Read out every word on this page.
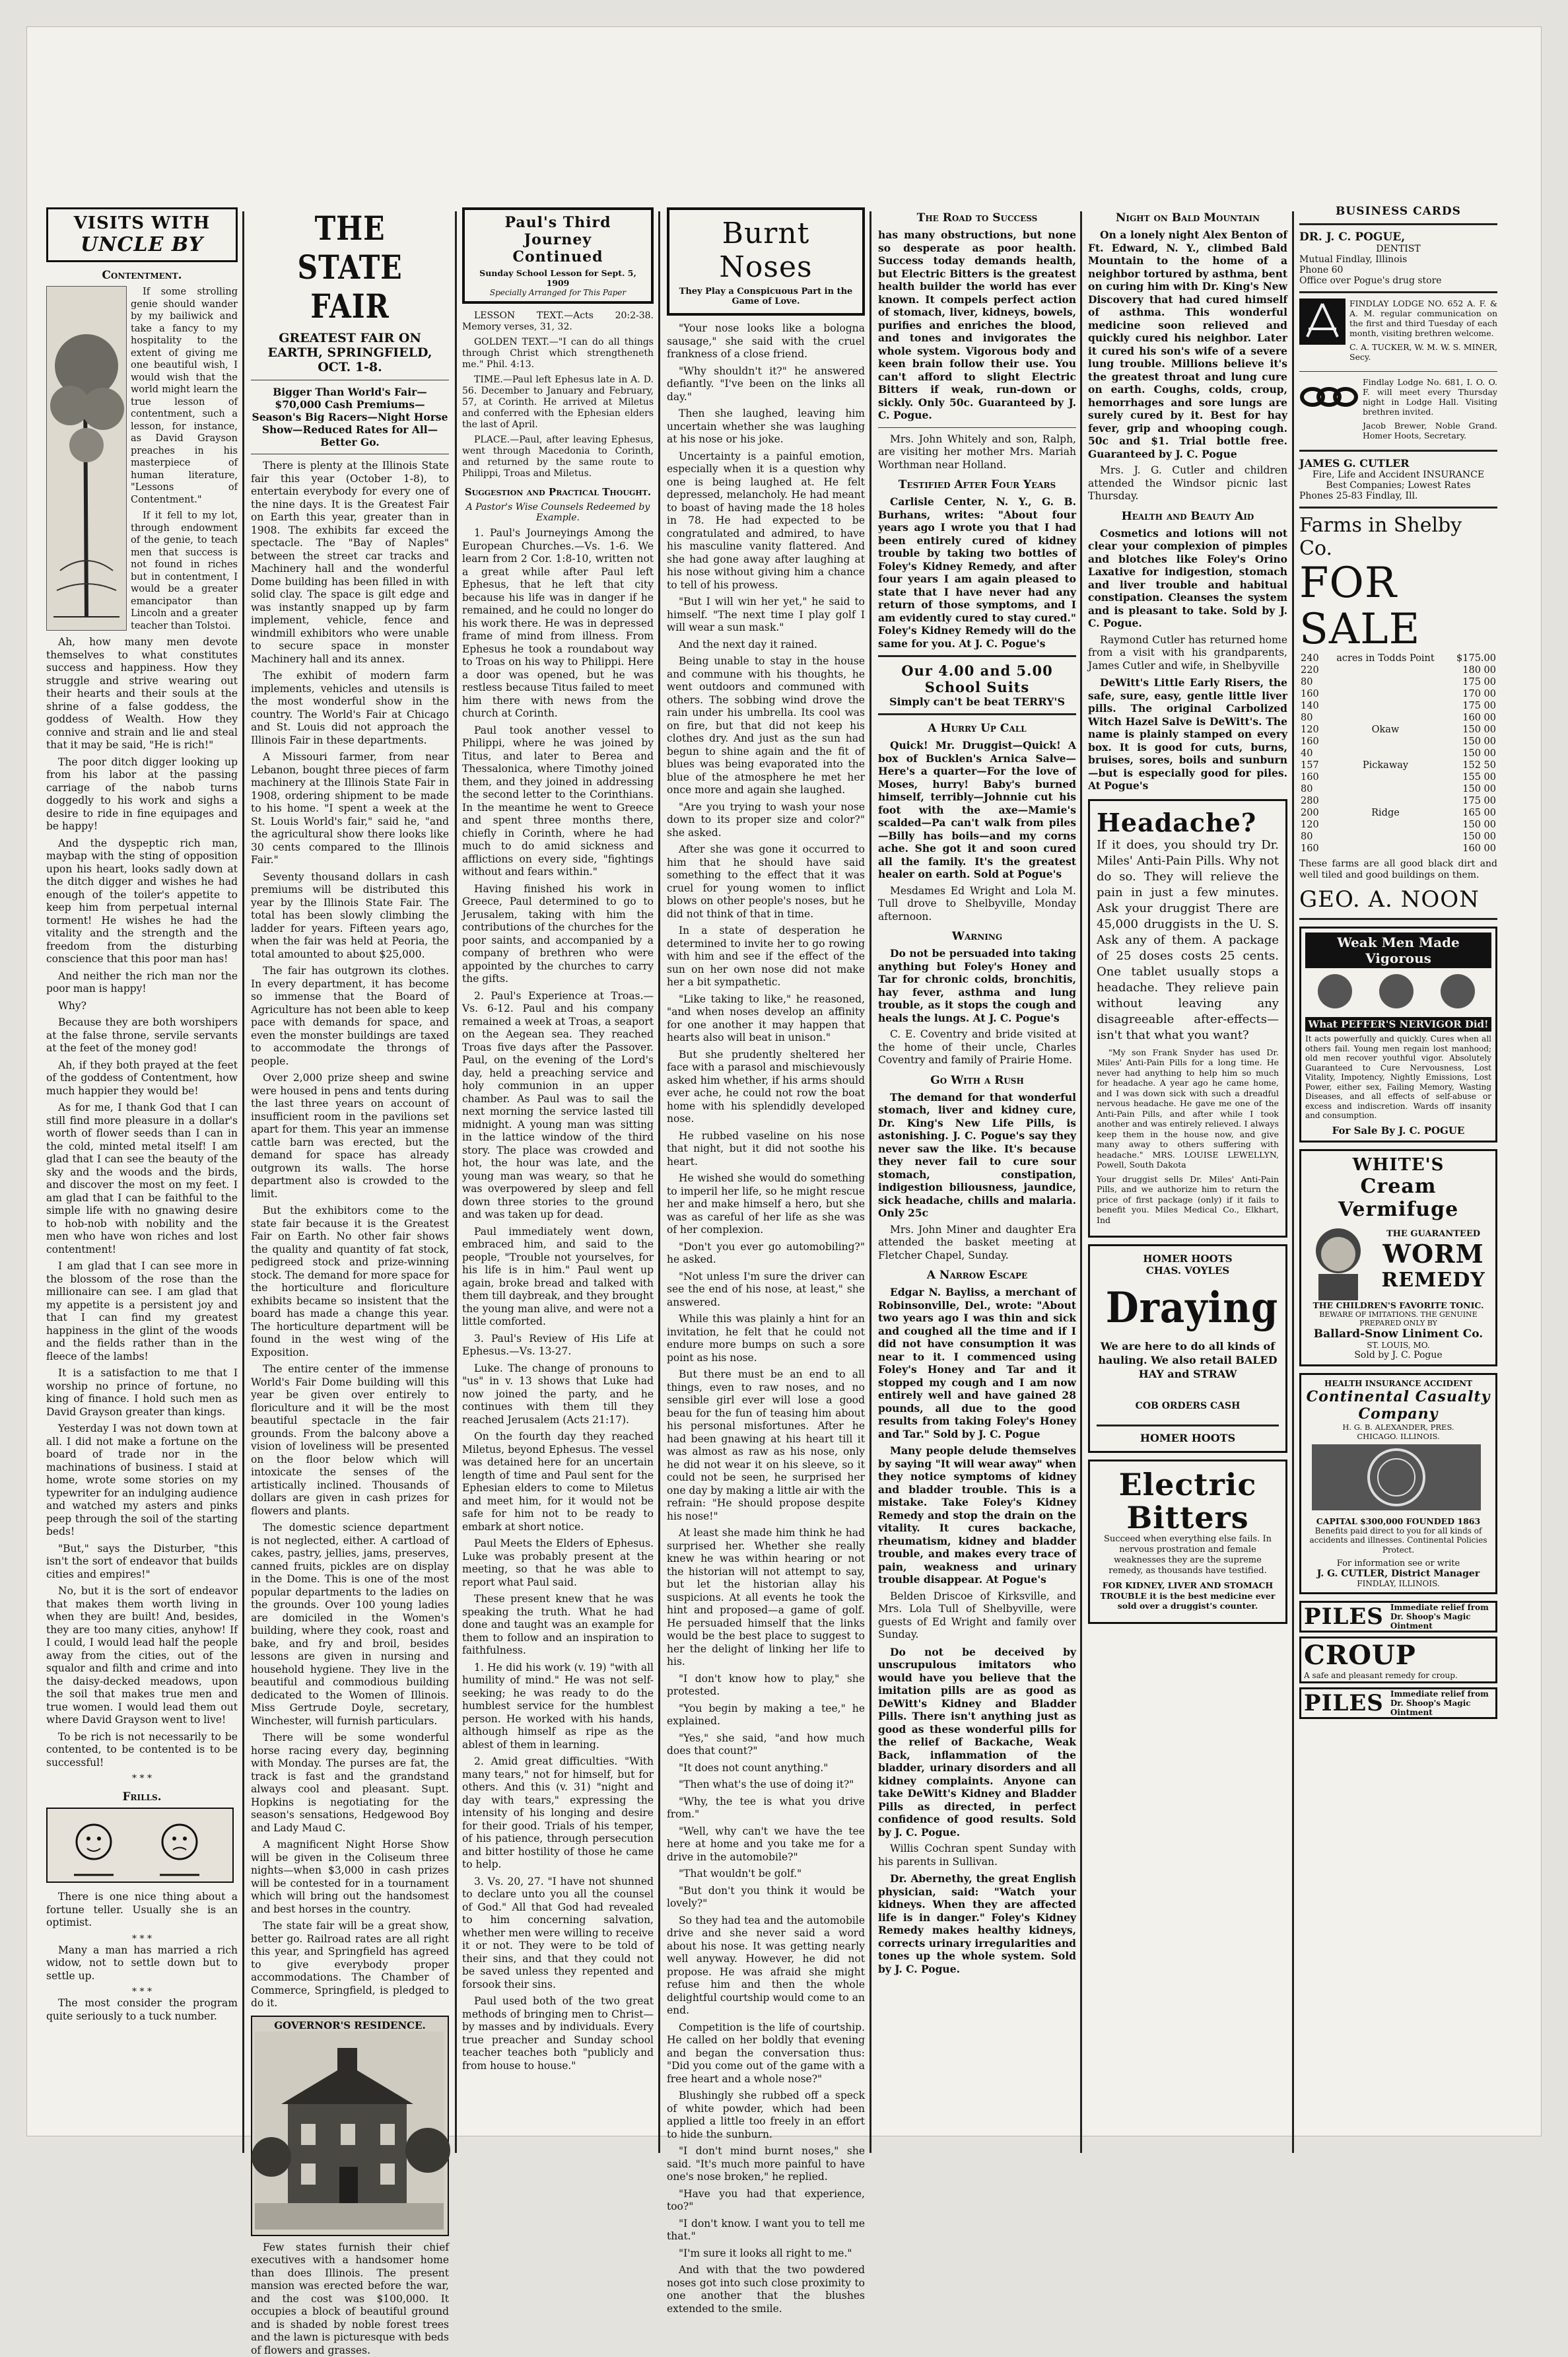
VISITS WITH
UNCLE BY
Contentment.

If some strolling genie should wander by my bailiwick and take a fancy to my hospitality to the extent of giving me one beautiful wish, I would wish that the world might learn the true lesson of contentment, such a lesson, for instance, as David Grayson preaches in his masterpiece of human literature, "Lessons of Contentment."

If it fell to my lot, through endowment of the genie, to teach men that success is not found in riches but in contentment, I would be a greater emancipator than Lincoln and a greater teacher than Tolstoi.

Ah, how many men devote themselves to what constitutes success and happiness. How they struggle and strive wearing out their hearts and their souls at the shrine of a false goddess, the goddess of Wealth. How they connive and strain and lie and steal that it may be said, "He is rich!"

The poor ditch digger looking up from his labor at the passing carriage of the nabob turns doggedly to his work and sighs a desire to ride in fine equipages and be happy!

And the dyspeptic rich man, maybap with the sting of opposition upon his heart, looks sadly down at the ditch digger and wishes he had enough of the toiler's appetite to keep him from perpetual internal torment! He wishes he had the vitality and the strength and the freedom from the disturbing conscience that this poor man has!

And neither the rich man nor the poor man is happy!

Why?

Because they are both worshipers at the false throne, servile servants at the feet of the money god!

Ah, if they both prayed at the feet of the goddess of Contentment, how much happier they would be!

As for me, I thank God that I can still find more pleasure in a dollar's worth of flower seeds than I can in the cold, minted metal itself! I am glad that I can see the beauty of the sky and the woods and the birds, and discover the most on my feet. I am glad that I can be faithful to the simple life with no gnawing desire to hob-nob with nobility and the men who have won riches and lost contentment!

I am glad that I can see more in the blossom of the rose than the millionaire can see. I am glad that my appetite is a persistent joy and that I can find my greatest happiness in the glint of the woods and the fields rather than in the fleece of the lambs!

It is a satisfaction to me that I worship no prince of fortune, no king of finance. I hold such men as David Grayson greater than kings.

Yesterday I was not down town at all. I did not make a fortune on the board of trade nor in the machinations of business. I staid at home, wrote some stories on my typewriter for an indulging audience and watched my asters and pinks peep through the soil of the starting beds!

"But," says the Disturber, "this isn't the sort of endeavor that builds cities and empires!"

No, but it is the sort of endeavor that makes them worth living in when they are built! And, besides, they are too many cities, anyhow! If I could, I would lead half the people away from the cities, out of the squalor and filth and crime and into the daisy-decked meadows, upon the soil that makes true men and true women. I would lead them out where David Grayson went to live!

To be rich is not necessarily to be contented, to be contented is to be successful!

* * *
Frills.

There is one nice thing about a fortune teller. Usually she is an optimist.

* * *

Many a man has married a rich widow, not to settle down but to settle up.

* * *

The most consider the program quite seriously to a tuck number.

THE STATE FAIR
GREATEST FAIR ON EARTH, SPRINGFIELD, OCT. 1-8.
Bigger Than World's Fair—$70,000 Cash Premiums—Season's Big Racers—Night Horse Show—Reduced Rates for All—Better Go.

There is plenty at the Illinois State fair this year (October 1-8), to entertain everybody for every one of the nine days. It is the Greatest Fair on Earth this year, greater than in 1908. The exhibits far exceed the spectacle. The "Bay of Naples" between the street car tracks and Machinery hall and the wonderful Dome building has been filled in with solid clay. The space is gilt edge and was instantly snapped up by farm implement, vehicle, fence and windmill exhibitors who were unable to secure space in monster Machinery hall and its annex.

The exhibit of modern farm implements, vehicles and utensils is the most wonderful show in the country. The World's Fair at Chicago and St. Louis did not approach the Illinois Fair in these departments.

A Missouri farmer, from near Lebanon, bought three pieces of farm machinery at the Illinois State Fair in 1908, ordering shipment to be made to his home. "I spent a week at the St. Louis World's fair," said he, "and the agricultural show there looks like 30 cents compared to the Illinois Fair."

Seventy thousand dollars in cash premiums will be distributed this year by the Illinois State Fair. The total has been slowly climbing the ladder for years. Fifteen years ago, when the fair was held at Peoria, the total amounted to about $25,000.

The fair has outgrown its clothes. In every department, it has become so immense that the Board of Agriculture has not been able to keep pace with demands for space, and even the monster buildings are taxed to accommodate the throngs of people.

Over 2,000 prize sheep and swine were housed in pens and tents during the last three years on account of insufficient room in the pavilions set apart for them. This year an immense cattle barn was erected, but the demand for space has already outgrown its walls. The horse department also is crowded to the limit.

But the exhibitors come to the state fair because it is the Greatest Fair on Earth. No other fair shows the quality and quantity of fat stock, pedigreed stock and prize-winning stock. The demand for more space for the horticulture and floriculture exhibits became so insistent that the board has made a change this year. The horticulture department will be found in the west wing of the Exposition.

The entire center of the immense World's Fair Dome building will this year be given over entirely to floriculture and it will be the most beautiful spectacle in the fair grounds. From the balcony above a vision of loveliness will be presented on the floor below which will intoxicate the senses of the artistically inclined. Thousands of dollars are given in cash prizes for flowers and plants.

The domestic science department is not neglected, either. A cartload of cakes, pastry, jellies, jams, preserves, canned fruits, pickles are on display in the Dome. This is one of the most popular departments to the ladies on the grounds. Over 100 young ladies are domiciled in the Women's building, where they cook, roast and bake, and fry and broil, besides lessons are given in nursing and household hygiene. They live in the beautiful and commodious building dedicated to the Women of Illinois. Miss Gertrude Doyle, secretary, Winchester, will furnish particulars.

There will be some wonderful horse racing every day, beginning with Monday. The purses are fat, the track is fast and the grandstand always cool and pleasant. Supt. Hopkins is negotiating for the season's sensations, Hedgewood Boy and Lady Maud C.

A magnificent Night Horse Show will be given in the Coliseum three nights—when $3,000 in cash prizes will be contested for in a tournament which will bring out the handsomest and best horses in the country.

The state fair will be a great show, better go. Railroad rates are all right this year, and Springfield has agreed to give everybody proper accommodations. The Chamber of Commerce, Springfield, is pledged to do it.

GOVERNOR'S RESIDENCE.

Few states furnish their chief executives with a handsomer home than does Illinois. The present mansion was erected before the war, and the cost was $100,000. It occupies a block of beautiful ground and is shaded by noble forest trees and the lawn is picturesque with beds of flowers and grasses.

Paul's Third Journey
Continued
Sunday School Lesson for Sept. 5, 1909
Specially Arranged for This Paper

LESSON TEXT.—Acts 20:2-38. Memory verses, 31, 32.

GOLDEN TEXT.—"I can do all things through Christ which strengtheneth me." Phil. 4:13.

TIME.—Paul left Ephesus late in A. D. 56. December to January and February, 57, at Corinth. He arrived at Miletus and conferred with the Ephesian elders the last of April.

PLACE.—Paul, after leaving Ephesus, went through Macedonia to Corinth, and returned by the same route to Philippi, Troas and Miletus.

Suggestion and Practical Thought.
A Pastor's Wise Counsels Redeemed by Example.

1. Paul's Journeyings Among the European Churches.—Vs. 1-6. We learn from 2 Cor. 1:8-10, written not a great while after Paul left Ephesus, that he left that city because his life was in danger if he remained, and he could no longer do his work there. He was in depressed frame of mind from illness. From Ephesus he took a roundabout way to Troas on his way to Philippi. Here a door was opened, but he was restless because Titus failed to meet him there with news from the church at Corinth.

Paul took another vessel to Philippi, where he was joined by Titus, and later to Berea and Thessalonica, where Timothy joined them, and they joined in addressing the second letter to the Corinthians. In the meantime he went to Greece and spent three months there, chiefly in Corinth, where he had much to do amid sickness and afflictions on every side, "fightings without and fears within."

Having finished his work in Greece, Paul determined to go to Jerusalem, taking with him the contributions of the churches for the poor saints, and accompanied by a company of brethren who were appointed by the churches to carry the gifts.

2. Paul's Experience at Troas.—Vs. 6-12. Paul and his company remained a week at Troas, a seaport on the Aegean sea. They reached Troas five days after the Passover. Paul, on the evening of the Lord's day, held a preaching service and holy communion in an upper chamber. As Paul was to sail the next morning the service lasted till midnight. A young man was sitting in the lattice window of the third story. The place was crowded and hot, the hour was late, and the young man was weary, so that he was overpowered by sleep and fell down three stories to the ground and was taken up for dead.

Paul immediately went down, embraced him, and said to the people, "Trouble not yourselves, for his life is in him." Paul went up again, broke bread and talked with them till daybreak, and they brought the young man alive, and were not a little comforted.

3. Paul's Review of His Life at Ephesus.—Vs. 13-27.

Luke. The change of pronouns to "us" in v. 13 shows that Luke had now joined the party, and he continues with them till they reached Jerusalem (Acts 21:17).

On the fourth day they reached Miletus, beyond Ephesus. The vessel was detained here for an uncertain length of time and Paul sent for the Ephesian elders to come to Miletus and meet him, for it would not be safe for him not to be ready to embark at short notice.

Paul Meets the Elders of Ephesus. Luke was probably present at the meeting, so that he was able to report what Paul said.

These present knew that he was speaking the truth. What he had done and taught was an example for them to follow and an inspiration to faithfulness.

1. He did his work (v. 19) "with all humility of mind." He was not self-seeking; he was ready to do the humblest service for the humblest person. He worked with his hands, although himself as ripe as the ablest of them in learning.

2. Amid great difficulties. "With many tears," not for himself, but for others. And this (v. 31) "night and day with tears," expressing the intensity of his longing and desire for their good. Trials of his temper, of his patience, through persecution and bitter hostility of those he came to help.

3. Vs. 20, 27. "I have not shunned to declare unto you all the counsel of God." All that God had revealed to him concerning salvation, whether men were willing to receive it or not. They were to be told of their sins, and that they could not be saved unless they repented and forsook their sins.

Paul used both of the two great methods of bringing men to Christ—by masses and by individuals. Every true preacher and Sunday school teacher teaches both "publicly and from house to house."

Burnt Noses
They Play a Conspicuous Part in the Game of Love.

"Your nose looks like a bologna sausage," she said with the cruel frankness of a close friend.

"Why shouldn't it?" he answered defiantly. "I've been on the links all day."

Then she laughed, leaving him uncertain whether she was laughing at his nose or his joke.

Uncertainty is a painful emotion, especially when it is a question why one is being laughed at. He felt depressed, melancholy. He had meant to boast of having made the 18 holes in 78. He had expected to be congratulated and admired, to have his masculine vanity flattered. And she had gone away after laughing at his nose without giving him a chance to tell of his prowess.

"But I will win her yet," he said to himself. "The next time I play golf I will wear a sun mask."

And the next day it rained.

Being unable to stay in the house and commune with his thoughts, he went outdoors and communed with others. The sobbing wind drove the rain under his umbrella. Its cool was on fire, but that did not keep his clothes dry. And just as the sun had begun to shine again and the fit of blues was being evaporated into the blue of the atmosphere he met her once more and again she laughed.

"Are you trying to wash your nose down to its proper size and color?" she asked.

After she was gone it occurred to him that he should have said something to the effect that it was cruel for young women to inflict blows on other people's noses, but he did not think of that in time.

In a state of desperation he determined to invite her to go rowing with him and see if the effect of the sun on her own nose did not make her a bit sympathetic.

"Like taking to like," he reasoned, "and when noses develop an affinity for one another it may happen that hearts also will beat in unison."

But she prudently sheltered her face with a parasol and mischievously asked him whether, if his arms should ever ache, he could not row the boat home with his splendidly developed nose.

He rubbed vaseline on his nose that night, but it did not soothe his heart.

He wished she would do something to imperil her life, so he might rescue her and make himself a hero, but she was as careful of her life as she was of her complexion.

"Don't you ever go automobiling?" he asked.

"Not unless I'm sure the driver can see the end of his nose, at least," she answered.

While this was plainly a hint for an invitation, he felt that he could not endure more bumps on such a sore point as his nose.

But there must be an end to all things, even to raw noses, and no sensible girl ever will lose a good beau for the fun of teasing him about his personal misfortunes. After he had been gnawing at his heart till it was almost as raw as his nose, only he did not wear it on his sleeve, so it could not be seen, he surprised her one day by making a little air with the refrain: "He should propose despite his nose!"

At least she made him think he had surprised her. Whether she really knew he was within hearing or not the historian will not attempt to say, but let the historian allay his suspicions. At all events he took the hint and proposed—a game of golf. He persuaded himself that the links would be the best place to suggest to her the delight of linking her life to his.

"I don't know how to play," she protested.

"You begin by making a tee," he explained.

"Yes," she said, "and how much does that count?"

"It does not count anything."

"Then what's the use of doing it?"

"Why, the tee is what you drive from."

"Well, why can't we have the tee here at home and you take me for a drive in the automobile?"

"That wouldn't be golf."

"But don't you think it would be lovely?"

So they had tea and the automobile drive and she never said a word about his nose. It was getting nearly well anyway. However, he did not propose. He was afraid she might refuse him and then the whole delightful courtship would come to an end.

Competition is the life of courtship. He called on her boldly that evening and began the conversation thus: "Did you come out of the game with a free heart and a whole nose?"

Blushingly she rubbed off a speck of white powder, which had been applied a little too freely in an effort to hide the sunburn.

"I don't mind burnt noses," she said. "It's much more painful to have one's nose broken," he replied.

"Have you had that experience, too?"

"I don't know. I want you to tell me that."

"I'm sure it looks all right to me."

And with that the two powdered noses got into such close proximity to one another that the blushes extended to the smile.

The Road to Success

has many obstructions, but none so desperate as poor health. Success today demands health, but Electric Bitters is the greatest health builder the world has ever known. It compels perfect action of stomach, liver, kidneys, bowels, purifies and enriches the blood, and tones and invigorates the whole system. Vigorous body and keen brain follow their use. You can't afford to slight Electric Bitters if weak, run-down or sickly. Only 50c. Guaranteed by J. C. Pogue.

Mrs. John Whitely and son, Ralph, are visiting her mother Mrs. Mariah Worthman near Holland.

Testified After Four Years

Carlisle Center, N. Y., G. B. Burhans, writes: "About four years ago I wrote you that I had been entirely cured of kidney trouble by taking two bottles of Foley's Kidney Remedy, and after four years I am again pleased to state that I have never had any return of those symptoms, and I am evidently cured to stay cured." Foley's Kidney Remedy will do the same for you. At J. C. Pogue's

Our 4.00 and 5.00 School Suits
Simply can't be beat TERRY'S
A Hurry Up Call

Quick! Mr. Druggist—Quick! A box of Bucklen's Arnica Salve—Here's a quarter—For the love of Moses, hurry! Baby's burned himself, terribly—Johnnie cut his foot with the axe—Mamie's scalded—Pa can't walk from piles—Billy has boils—and my corns ache. She got it and soon cured all the family. It's the greatest healer on earth. Sold at Pogue's

Mesdames Ed Wright and Lola M. Tull drove to Shelbyville, Monday afternoon.

Warning

Do not be persuaded into taking anything but Foley's Honey and Tar for chronic colds, bronchitis, hay fever, asthma and lung trouble, as it stops the cough and heals the lungs. At J. C. Pogue's

C. E. Coventry and bride visited at the home of their uncle, Charles Coventry and family of Prairie Home.

Go With a Rush

The demand for that wonderful stomach, liver and kidney cure, Dr. King's New Life Pills, is astonishing. J. C. Pogue's say they never saw the like. It's because they never fail to cure sour stomach, constipation, indigestion biliousness, jaundice, sick headache, chills and malaria. Only 25c

Mrs. John Miner and daughter Era attended the basket meeting at Fletcher Chapel, Sunday.

A Narrow Escape

Edgar N. Bayliss, a merchant of Robinsonville, Del., wrote: "About two years ago I was thin and sick and coughed all the time and if I did not have consumption it was near to it. I commenced using Foley's Honey and Tar and it stopped my cough and I am now entirely well and have gained 28 pounds, all due to the good results from taking Foley's Honey and Tar." Sold by J. C. Pogue

Many people delude themselves by saying "It will wear away" when they notice symptoms of kidney and bladder trouble. This is a mistake. Take Foley's Kidney Remedy and stop the drain on the vitality. It cures backache, rheumatism, kidney and bladder trouble, and makes every trace of pain, weakness and urinary trouble disappear. At Pogue's

Belden Driscoe of Kirksville, and Mrs. Lola Tull of Shelbyville, were guests of Ed Wright and family over Sunday.

Do not be deceived by unscrupulous imitators who would have you believe that the imitation pills are as good as DeWitt's Kidney and Bladder Pills. There isn't anything just as good as these wonderful pills for the relief of Backache, Weak Back, inflammation of the bladder, urinary disorders and all kidney complaints. Anyone can take DeWitt's Kidney and Bladder Pills as directed, in perfect confidence of good results. Sold by J. C. Pogue.

Willis Cochran spent Sunday with his parents in Sullivan.

Dr. Abernethy, the great English physician, said: "Watch your kidneys. When they are affected life is in danger." Foley's Kidney Remedy makes healthy kidneys, corrects urinary irregularities and tones up the whole system. Sold by J. C. Pogue.

Night on Bald Mountain

On a lonely night Alex Benton of Ft. Edward, N. Y., climbed Bald Mountain to the home of a neighbor tortured by asthma, bent on curing him with Dr. King's New Discovery that had cured himself of asthma. This wonderful medicine soon relieved and quickly cured his neighbor. Later it cured his son's wife of a severe lung trouble. Millions believe it's the greatest throat and lung cure on earth. Coughs, colds, croup, hemorrhages and sore lungs are surely cured by it. Best for hay fever, grip and whooping cough. 50c and $1. Trial bottle free. Guaranteed by J. C. Pogue

Mrs. J. G. Cutler and children attended the Windsor picnic last Thursday.

Health and Beauty Aid

Cosmetics and lotions will not clear your complexion of pimples and blotches like Foley's Orino Laxative for indigestion, stomach and liver trouble and habitual constipation. Cleanses the system and is pleasant to take. Sold by J. C. Pogue.

Raymond Cutler has returned home from a visit with his grandparents, James Cutler and wife, in Shelbyville

DeWitt's Little Early Risers, the safe, sure, easy, gentle little liver pills. The original Carbolized Witch Hazel Salve is DeWitt's. The name is plainly stamped on every box. It is good for cuts, burns, bruises, sores, boils and sunburn—but is especially good for piles. At Pogue's

Headache?

If it does, you should try Dr. Miles' Anti-Pain Pills. Why not do so. They will relieve the pain in just a few minutes. Ask your druggist There are 45,000 druggists in the U. S. Ask any of them. A package of 25 doses costs 25 cents. One tablet usually stops a headache. They relieve pain without leaving any disagreeable after-effects—isn't that what you want?

"My son Frank Snyder has used Dr. Miles' Anti-Pain Pills for a long time. He never had anything to help him so much for headache. A year ago he came home, and I was down sick with such a dreadful nervous headache. He gave me one of the Anti-Pain Pills, and after while I took another and was entirely relieved. I always keep them in the house now, and give many away to others suffering with headache." MRS. LOUISE LEWELLYN, Powell, South Dakota

Your druggist sells Dr. Miles' Anti-Pain Pills, and we authorize him to return the price of first package (only) if it fails to benefit you. Miles Medical Co., Elkhart, Ind

HOMER HOOTS
CHAS. VOYLES
Draying

We are here to do all kinds of hauling. We also retail BALED HAY and STRAW

COB ORDERS CASH
HOMER HOOTS
Electric
Bitters

Succeed when everything else fails. In nervous prostration and female weaknesses they are the supreme remedy, as thousands have testified.

FOR KIDNEY, LIVER AND STOMACH TROUBLE it is the best medicine ever sold over a druggist's counter.

BUSINESS CARDS
DR. J. C. POGUE,
DENTIST
Mutual Findlay, Illinois
Phone 60
Office over Pogue's drug store

FINDLAY LODGE NO. 652 A. F. & A. M. regular communication on the first and third Tuesday of each month, visiting brethren welcome.

C. A. TUCKER, W. M. W. S. MINER, Secy.

Findlay Lodge No. 681, I. O. O. F. will meet every Thursday night in Lodge Hall. Visiting brethren invited.

Jacob Brewer, Noble Grand. Homer Hoots, Secretary.

JAMES G. CUTLER
Fire, Life and Accident INSURANCE
Best Companies; Lowest Rates
Phones 25-83 Findlay, Ill.
Farms in Shelby Co.
FOR SALE
240	acres in Todds Point	$175.00
220		180 00
80		175 00
160		170 00
140		175 00
80		160 00
120	Okaw	150 00
160		150 00
40		150 00
157	Pickaway	152 50
160		155 00
80		150 00
280		175 00
200	Ridge	165 00
120		150 00
80		150 00
160		160 00

These farms are all good black dirt and well tiled and good buildings on them.

GEO. A. NOON
Weak Men Made Vigorous
What PEFFER'S NERVIGOR Did!

It acts powerfully and quickly. Cures when all others fail. Young men regain lost manhood; old men recover youthful vigor. Absolutely Guaranteed to Cure Nervousness, Lost Vitality, Impotency, Nightly Emissions, Lost Power, either sex, Failing Memory, Wasting Diseases, and all effects of self-abuse or excess and indiscretion. Wards off insanity and consumption.

For Sale By J. C. POGUE
WHITE'S
Cream Vermifuge
THE GUARANTEED
WORM
REMEDY
THE CHILDREN'S FAVORITE TONIC.
BEWARE OF IMITATIONS. THE GENUINE PREPARED ONLY BY
Ballard-Snow Liniment Co.
ST. LOUIS, MO.
Sold by J. C. Pogue
HEALTH INSURANCE ACCIDENT
Continental Casualty Company
H. G. B. ALEXANDER, PRES.
CHICAGO. ILLINOIS.
CAPITAL $300,000 FOUNDED 1863

Benefits paid direct to you for all kinds of accidents and illnesses. Continental Policies Protect.

For information see or write
J. G. CUTLER, District Manager
FINDLAY, ILLINOIS.
PILES Immediate relief from Dr. Shoop's Magic Ointment
CROUP
A safe and pleasant remedy for croup.
PILES Immediate relief from Dr. Shoop's Magic Ointment
